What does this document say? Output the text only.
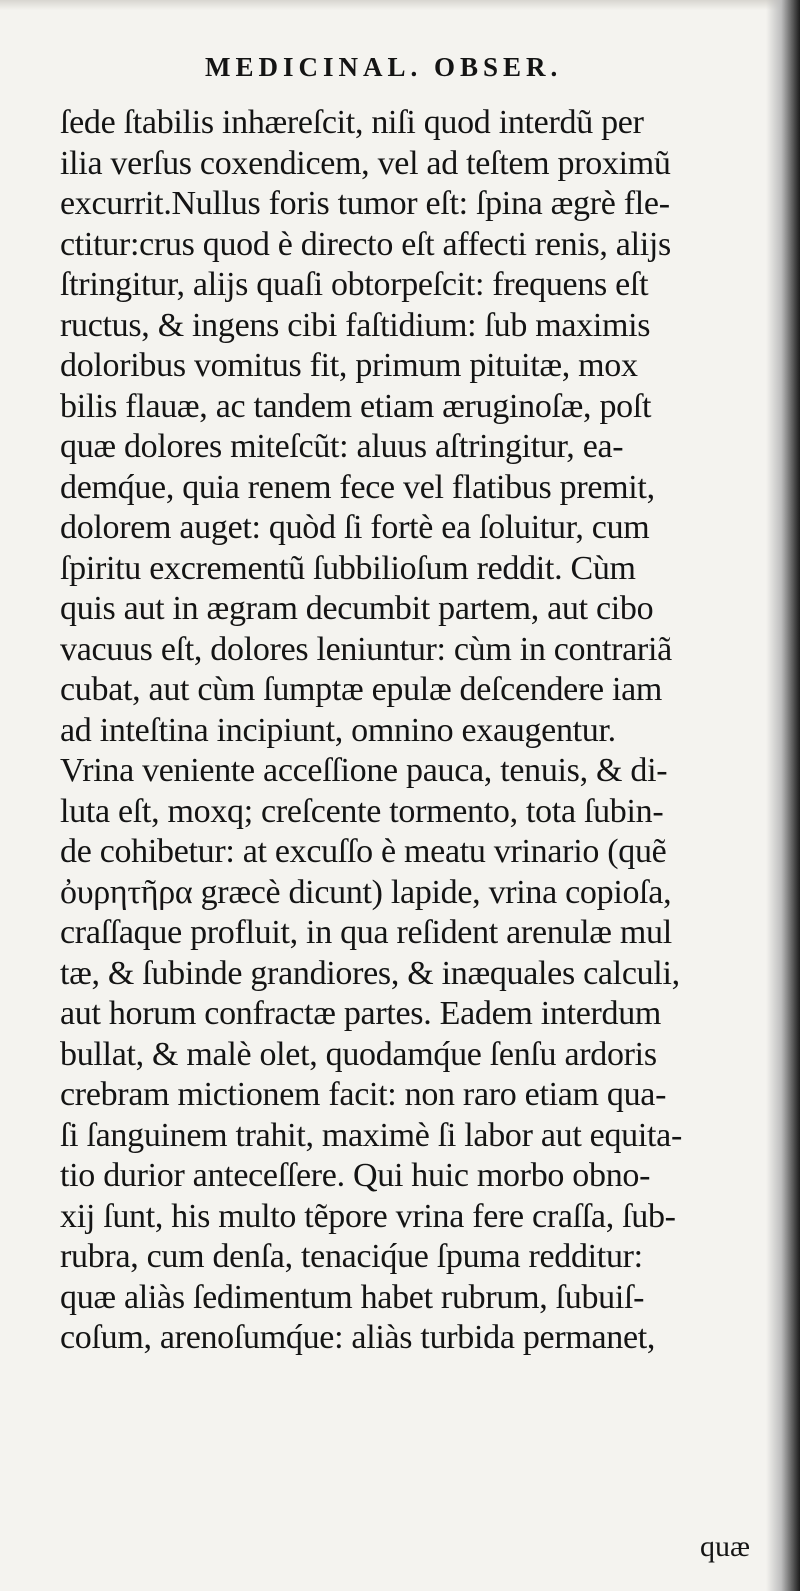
MEDICINAL. OBSER.
ſede ſtabilis inhæreſcit, niſi quod interdũ per
ilia verſus coxendicem, vel ad teſtem proximũ
excurrit.Nullus foris tumor eſt: ſpina ægrè fle-
ctitur:crus quod è directo eſt affecti renis, alijs
ſtringitur, alijs quaſi obtorpeſcit: frequens eſt
ructus, & ingens cibi faſtidium: ſub maximis
doloribus vomitus fit, primum pituitæ, mox
bilis flauæ, ac tandem etiam æruginoſæ, poſt
quæ dolores miteſcũt: aluus aſtringitur, ea-
demq́ue, quia renem fece vel flatibus premit,
dolorem auget: quòd ſi fortè ea ſoluitur, cum
ſpiritu excrementũ ſubbilioſum reddit. Cùm
quis aut in ægram decumbit partem, aut cibo
vacuus eſt, dolores leniuntur: cùm in contrariã
cubat, aut cùm ſumptæ epulæ deſcendere iam
ad inteſtina incipiunt, omnino exaugentur.
Vrina veniente acceſſione pauca, tenuis, & di-
luta eſt, moxq; creſcente tormento, tota ſubin-
de cohibetur: at excuſſo è meatu vrinario (quẽ
ὀυρητῆρα græcè dicunt) lapide, vrina copioſa,
craſſaque profluit, in qua reſident arenulæ mul
tæ, & ſubinde grandiores, & inæquales calculi,
aut horum confractæ partes. Eadem interdum
bullat, & malè olet, quodamq́ue ſenſu ardoris
crebram mictionem facit: non raro etiam qua-
ſi ſanguinem trahit, maximè ſi labor aut equita-
tio durior anteceſſere. Qui huic morbo obno-
xij ſunt, his multo tẽpore vrina fere craſſa, ſub-
rubra, cum denſa, tenaciq́ue ſpuma redditur:
quæ aliàs ſedimentum habet rubrum, ſubuiſ-
coſum, arenoſumq́ue: aliàs turbida permanet,
quæ
